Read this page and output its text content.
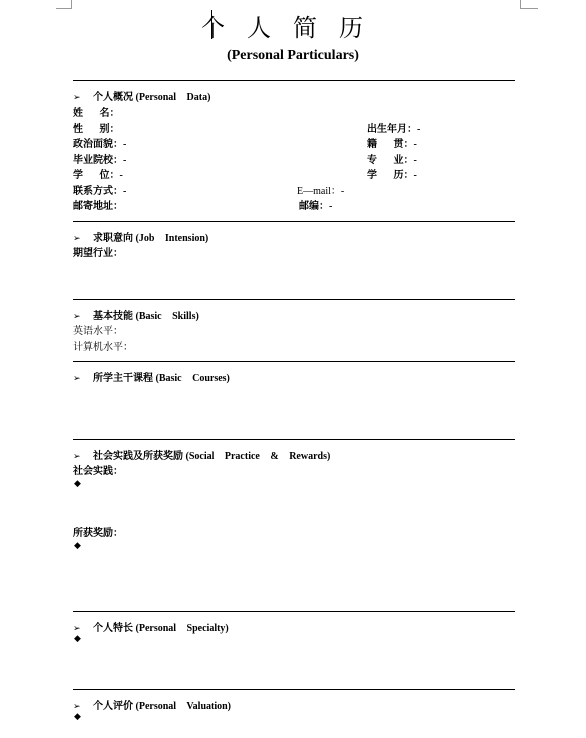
个人简历
(Personal Particulars)
➢ 个人概况 (Personal Data)
姓 名：
性 别：	出生年月：-
政治面貌：-	籍 贯：-
毕业院校：-	专 业：-
学 位：-	学 历：-
联系方式：-	E—mail：-
邮寄地址：	邮编：-
➢ 求职意向 (Job Intension)
期望行业：
➢ 基本技能 (Basic Skills)
英语水平：
计算机水平：
➢ 所学主干课程 (Basic Courses)
➢ 社会实践及所获奖励 (Social Practice & Rewards)
社会实践：
◆
所获奖励：
◆
➢ 个人特长 (Personal Specialty)
◆
➢ 个人评价 (Personal Valuation)
◆
